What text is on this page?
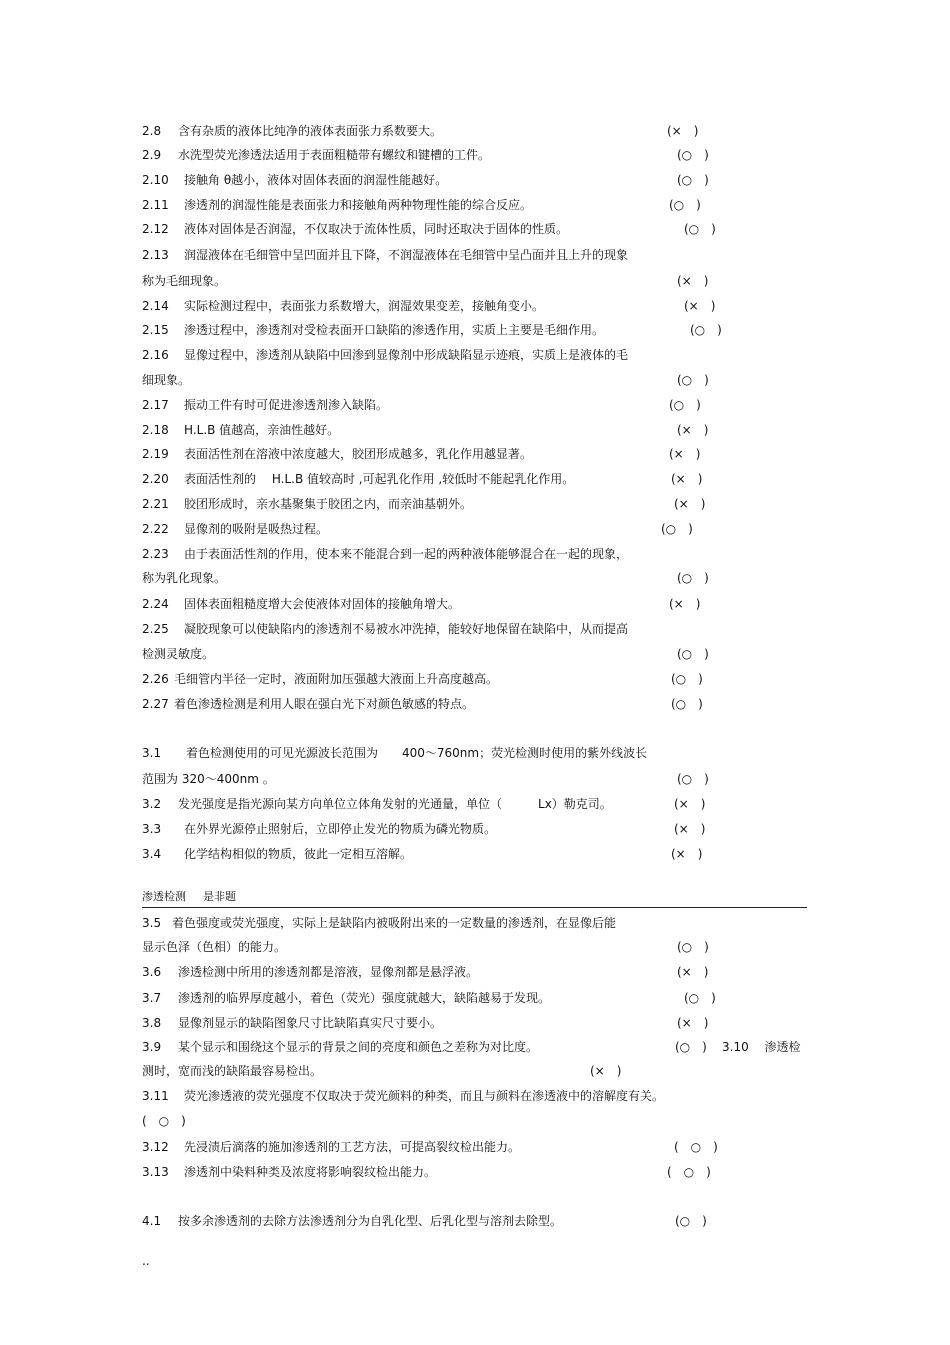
2.8 含有杂质的液体比纯净的液体表面张力系数要大。	(×　)
2.9 水洗型荧光渗透法适用于表面粗糙带有螺纹和键槽的工件。	(○　)
2.10 接触角 θ越小，液体对固体表面的润湿性能越好。	(○　)
2.11 渗透剂的润湿性能是表面张力和接触角两种物理性能的综合反应。	(○　)
2.12 液体对固体是否润湿，不仅取决于流体性质，同时还取决于固体的性质。	(○　)
2.13 润湿液体在毛细管中呈凹面并且下降，不润湿液体在毛细管中呈凸面并且上升的现象
称为毛细现象。	(×　)
2.14 实际检测过程中，表面张力系数增大，润湿效果变差，接触角变小。	(×　)
2.15 渗透过程中，渗透剂对受检表面开口缺陷的渗透作用，实质上主要是毛细作用。	(○　)
2.16 显像过程中，渗透剂从缺陷中回渗到显像剂中形成缺陷显示迹痕，实质上是液体的毛
细现象。	(○　)
2.17 振动工件有时可促进渗透剂渗入缺陷。	(○　)
2.18 H.L.B 值越高，亲油性越好。	(×　)
2.19 表面活性剂在溶液中浓度越大，胶团形成越多，乳化作用越显著。	(×　)
2.20 表面活性剂的　 H.L.B 值较高时 ,可起乳化作用 ,较低时不能起乳化作用。	(×　)
2.21 胶团形成时，亲水基聚集于胶团之内，而亲油基朝外。	(×　)
2.22 显像剂的吸附是吸热过程。	(○　)
2.23 由于表面活性剂的作用，使本来不能混合到一起的两种液体能够混合在一起的现象，
称为乳化现象。	(○　)
2.24 固体表面粗糙度增大会使液体对固体的接触角增大。	(×　)
2.25 凝胶现象可以使缺陷内的渗透剂不易被水冲洗掉，能较好地保留在缺陷中，从而提高
检测灵敏度。	(○　)
2.26 毛细管内半径一定时，液面附加压强越大液面上升高度越高。	(○　)
2.27 着色渗透检测是利用人眼在强白光下对颜色敏感的特点。	(○　)
3.1 着色检测使用的可见光源波长范围为　　400～760nm；荧光检测时使用的紫外线波长
范围为 320～400nm 。	(○　)
3.2 发光强度是指光源向某方向单位立体角发射的光通量，单位（　　　Lx）勒克司。	(×　)
3.3 在外界光源停止照射后，立即停止发光的物质为磷光物质。	(×　)
3.4 化学结构相似的物质，彼此一定相互溶解。	(×　)
渗透检测 是非题
3.5 着色强度或荧光强度，实际上是缺陷内被吸附出来的一定数量的渗透剂，在显像后能
显示色泽（色相）的能力。	(○　)
3.6 渗透检测中所用的渗透剂都是溶液，显像剂都是悬浮液。	(×　)
3.7 渗透剂的临界厚度越小，着色（荧光）强度就越大，缺陷越易于发现。	(○　)
3.8 显像剂显示的缺陷图象尺寸比缺陷真实尺寸要小。	(×　)
3.9 某个显示和围绕这个显示的背景之间的亮度和颜色之差称为对比度。	(○　) 3.10　 渗透检
测时，宽而浅的缺陷最容易检出。	(×　)
3.11 荧光渗透液的荧光强度不仅取决于荧光颜料的种类，而且与颜料在渗透液中的溶解度有关。
(　○　)
3.12 先浸渍后滴落的施加渗透剂的工艺方法，可提高裂纹检出能力。	(　○　)
3.13 渗透剂中染料种类及浓度将影响裂纹检出能力。	(　○　)
4.1 按多余渗透剂的去除方法渗透剂分为自乳化型、后乳化型与溶剂去除型。	(○　)
..
